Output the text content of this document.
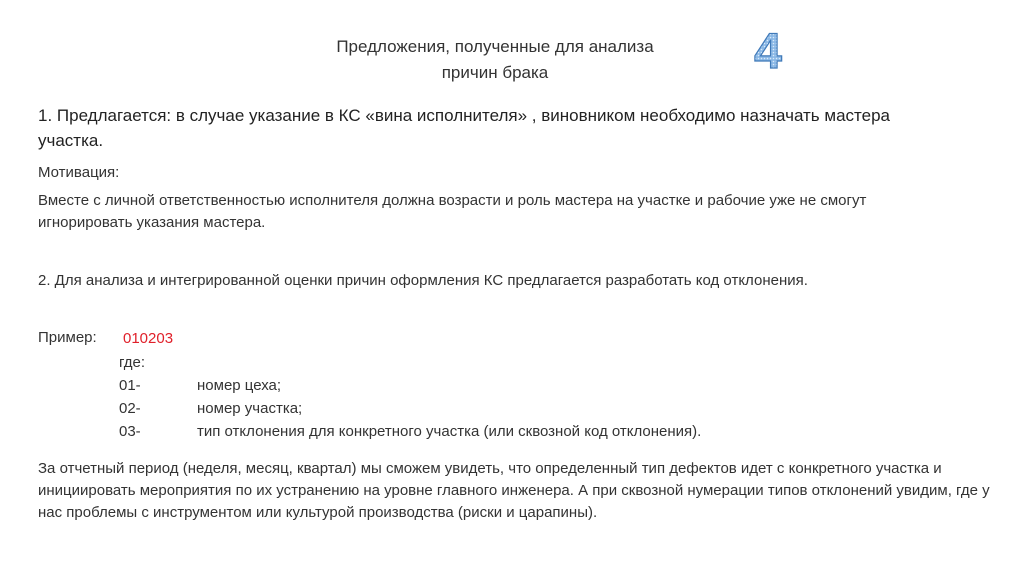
Предложения, полученные для анализа
причин брака	4
1. Предлагается: в случае указание в КС «вина исполнителя» , виновником необходимо назначать мастера участка.
Мотивация:
Вместе с личной ответственностью исполнителя должна возрасти и роль мастера на участке и рабочие уже не смогут игнорировать указания мастера.
2. Для анализа и интегрированной оценки причин оформления КС предлагается разработать код отклонения.
Пример: 010203
где:
01-	номер цеха;
02-	номер участка;
03-	тип отклонения для конкретного участка (или сквозной код отклонения).
За отчетный период (неделя, месяц, квартал) мы сможем увидеть, что определенный тип дефектов идет с конкретного участка и инициировать мероприятия по их устранению на уровне главного инженера. А при сквозной нумерации типов отклонений увидим, где у нас проблемы с инструментом или культурой производства (риски и царапины).
